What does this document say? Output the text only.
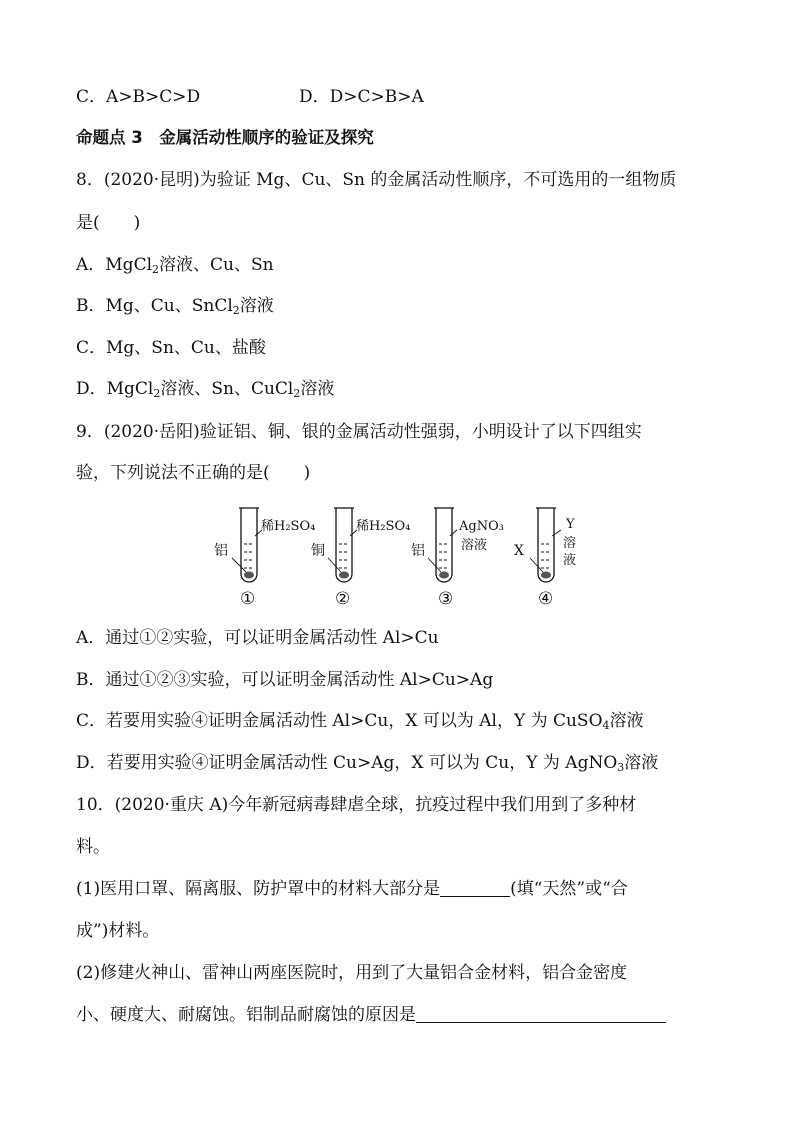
C．A>B>C>D	D．D>C>B>A
命题点 3　金属活动性顺序的验证及探究
8．(2020·昆明)为验证 Mg、Cu、Sn 的金属活动性顺序，不可选用的一组物质
是(　　)
A．MgCl$_2$溶液、Cu、Sn
B．Mg、Cu、SnCl$_2$溶液
C．Mg、Sn、Cu、盐酸
D．MgCl$_2$溶液、Sn、CuCl$_2$溶液
9．(2020·岳阳)验证铝、铜、银的金属活动性强弱，小明设计了以下四组实
验，下列说法不正确的是(　　)
铝
稀H₂SO₄
①
铜
稀H₂SO₄
②
铝
AgNO₃
溶液
③
X
Y
溶
液
④
A．通过①②实验，可以证明金属活动性 Al>Cu
B．通过①②③实验，可以证明金属活动性 Al>Cu>Ag
C．若要用实验④证明金属活动性 Al>Cu，X 可以为 Al，Y 为 CuSO$_4$溶液
D．若要用实验④证明金属活动性 Cu>Ag，X 可以为 Cu，Y 为 AgNO$_3$溶液
10．(2020·重庆 A)今年新冠病毒肆虐全球，抗疫过程中我们用到了多种材
料。
(1)医用口罩、隔离服、防护罩中的材料大部分是	(填“天然”或“合
成”)材料。
(2)修建火神山、雷神山两座医院时，用到了大量铝合金材料，铝合金密度
小、硬度大、耐腐蚀。铝制品耐腐蚀的原因是
